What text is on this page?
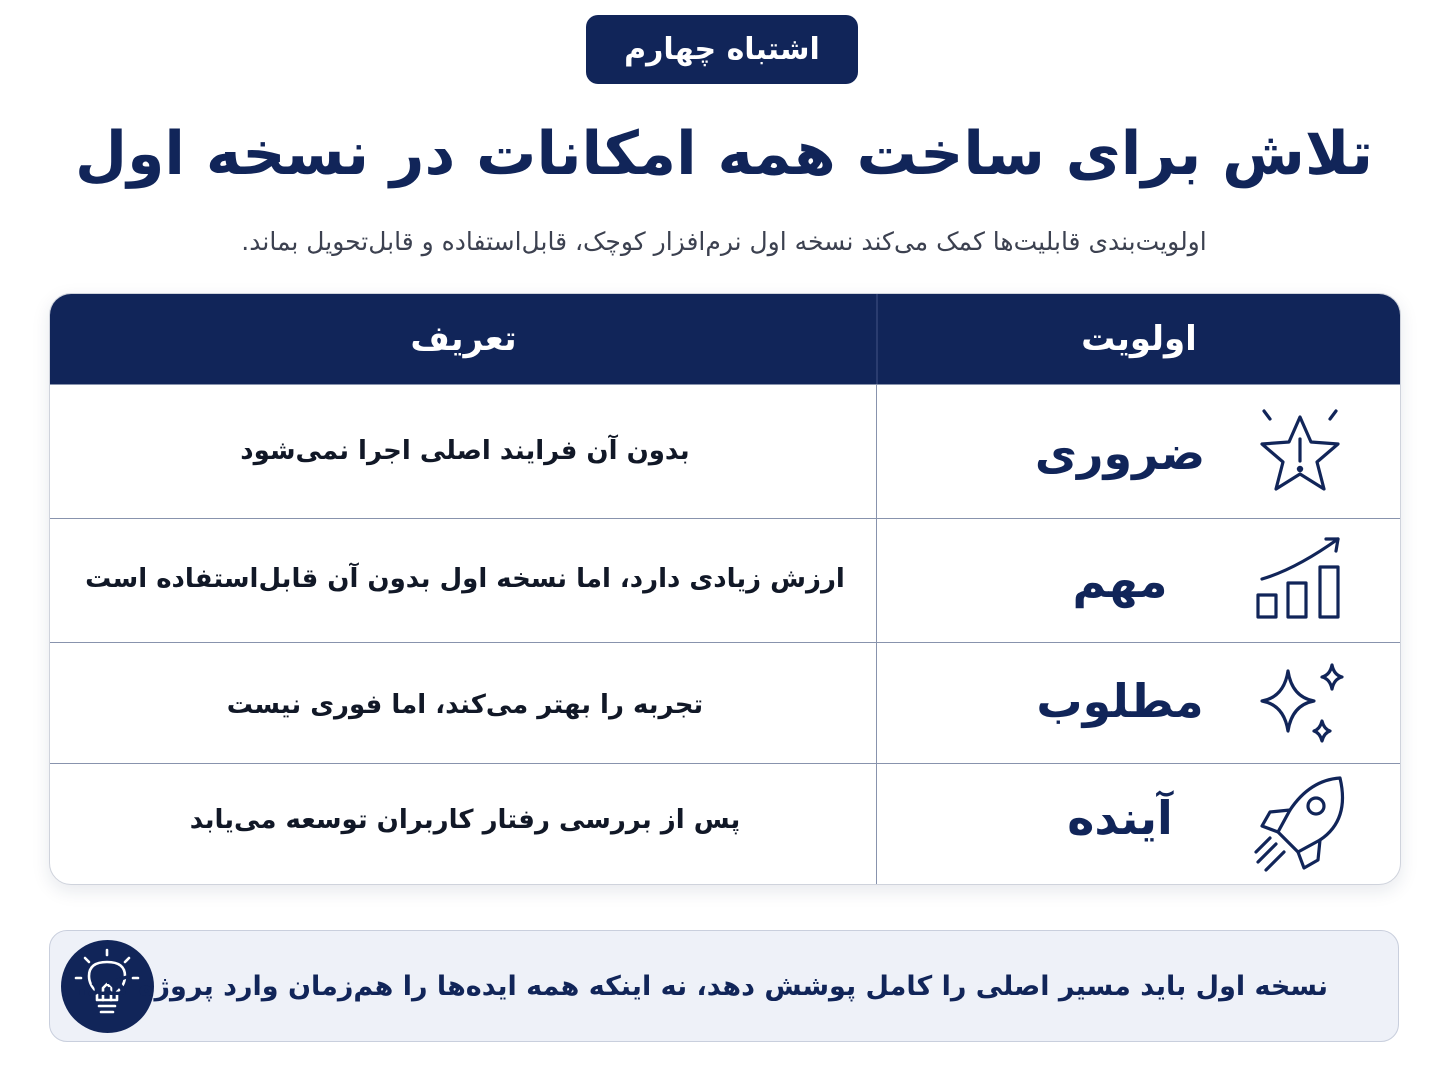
اشتباه چهارم
تلاش برای ساخت همه امکانات در نسخه اول
اولویت‌بندی قابلیت‌ها کمک می‌کند نسخه اول نرم‌افزار کوچک، قابل‌استفاده و قابل‌تحویل بماند.
اولویت
تعریف
ضروری
بدون آن فرایند اصلی اجرا نمی‌شود
مهم
ارزش زیادی دارد، اما نسخه اول بدون آن قابل‌استفاده است
مطلوب
تجربه را بهتر می‌کند، اما فوری نیست
آینده
پس از بررسی رفتار کاربران توسعه می‌یابد
نسخه اول باید مسیر اصلی را کامل پوشش دهد، نه اینکه همه ایده‌ها را هم‌زمان وارد پروژه کند.
